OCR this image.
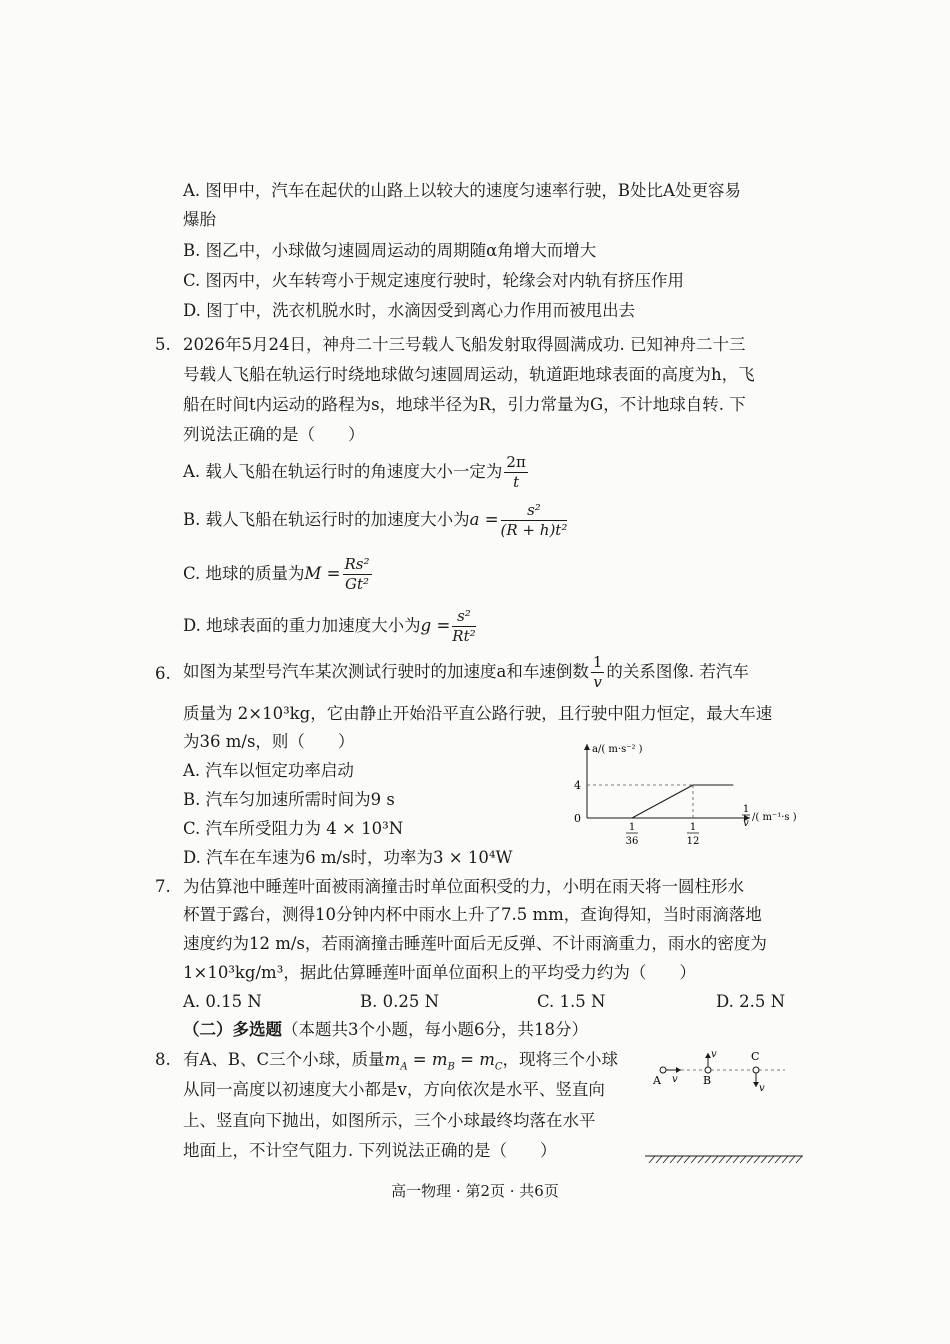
A. 图甲中，汽车在起伏的山路上以较大的速度匀速率行驶，B处比A处更容易
爆胎
B. 图乙中，小球做匀速圆周运动的周期随α角增大而增大
C. 图丙中，火车转弯小于规定速度行驶时，轮缘会对内轨有挤压作用
D. 图丁中，洗衣机脱水时，水滴因受到离心力作用而被甩出去
5. 2026年5月24日，神舟二十三号载人飞船发射取得圆满成功. 已知神舟二十三
号载人飞船在轨运行时绕地球做匀速圆周运动，轨道距地球表面的高度为h，飞
船在时间t内运动的路程为s，地球半径为R，引力常量为G，不计地球自转. 下
列说法正确的是（　　）
A. 载人飞船在轨运行时的角速度大小一定为 $\frac{2\pi}{t}$
B. 载人飞船在轨运行时的加速度大小为$a = \frac{\text{s²}}{\text{(R + h)t²}}$
C. 地球的质量为$M = \frac{\text{Rs²}}{\text{Gt²}}$
D. 地球表面的重力加速度大小为$g = \frac{\text{s²}}{\text{Rt²}}$
6. 如图为某型号汽车某次测试行驶时的加速度a和车速倒数 $\frac{1}{v}$ 的关系图像. 若汽车
质量为 2×10³kg，它由静止开始沿平直公路行驶，且行驶中阻力恒定，最大车速
为36 m/s，则（　　）
A. 汽车以恒定功率启动
B. 汽车匀加速所需时间为9 s
C. 汽车所受阻力为 4 × 10³N
D. 汽车在车速为6 m/s时，功率为3 × 10⁴W
a/( m·s⁻² )
4
0
1
36
1
12
1
v
/( m⁻¹·s )
7. 为估算池中睡莲叶面被雨滴撞击时单位面积受的力，小明在雨天将一圆柱形水
杯置于露台，测得10分钟内杯中雨水上升了7.5 mm，查询得知，当时雨滴落地
速度约为12 m/s，若雨滴撞击睡莲叶面后无反弹、不计雨滴重力，雨水的密度为
1×10³kg/m³，据此估算睡莲叶面单位面积上的平均受力约为（　　）
A. 0.15 N	B. 0.25 N	C. 1.5 N	D. 2.5 N
（二）多选题（本题共3个小题，每小题6分，共18分）
8. 有A、B、C三个小球，质量$m_A = m_B = m_C$，现将三个小球
从同一高度以初速度大小都是v，方向依次是水平、竖直向
上、竖直向下抛出，如图所示，三个小球最终均落在水平
地面上，不计空气阻力. 下列说法正确的是（　　）
A	B
C
v
v
v
高一物理 · 第2页 · 共6页
